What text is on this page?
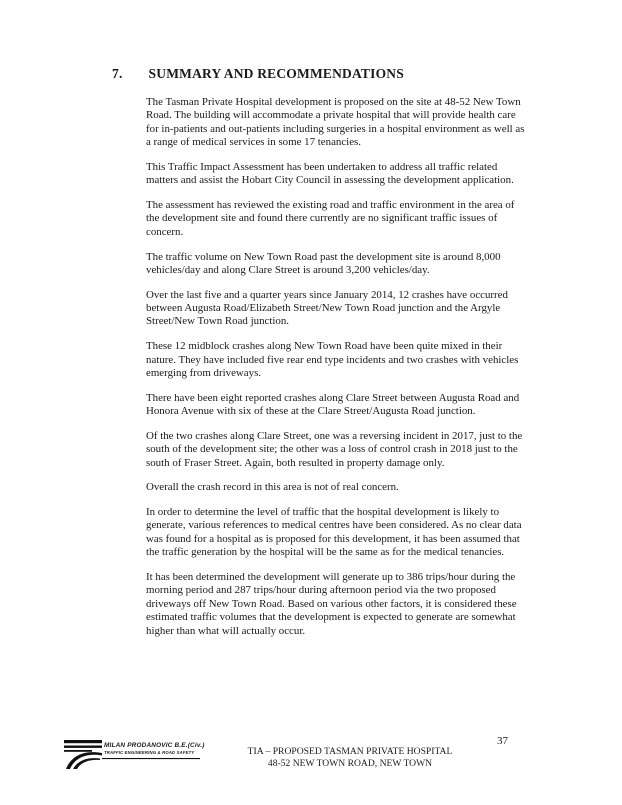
7. SUMMARY AND RECOMMENDATIONS

The Tasman Private Hospital development is proposed on the site at 48-52 New Town Road. The building will accommodate a private hospital that will provide health care for in-patients and out-patients including surgeries in a hospital environment as well as a range of medical services in some 17 tenancies.

This Traffic Impact Assessment has been undertaken to address all traffic related matters and assist the Hobart City Council in assessing the development application.

The assessment has reviewed the existing road and traffic environment in the area of the development site and found there currently are no significant traffic issues of concern.

The traffic volume on New Town Road past the development site is around 8,000 vehicles/day and along Clare Street is around 3,200 vehicles/day.

Over the last five and a quarter years since January 2014, 12 crashes have occurred between Augusta Road/Elizabeth Street/New Town Road junction and the Argyle Street/New Town Road junction.

These 12 midblock crashes along New Town Road have been quite mixed in their nature. They have included five rear end type incidents and two crashes with vehicles emerging from driveways.

There have been eight reported crashes along Clare Street between Augusta Road and Honora Avenue with six of these at the Clare Street/Augusta Road junction.

Of the two crashes along Clare Street, one was a reversing incident in 2017, just to the south of the development site; the other was a loss of control crash in 2018 just to the south of Fraser Street. Again, both resulted in property damage only.

Overall the crash record in this area is not of real concern.

In order to determine the level of traffic that the hospital development is likely to generate, various references to medical centres have been considered. As no clear data was found for a hospital as is proposed for this development, it has been assumed that the traffic generation by the hospital will be the same as for the medical tenancies.

It has been determined the development will generate up to 386 trips/hour during the morning period and 287 trips/hour during afternoon period via the two proposed driveways off New Town Road. Based on various other factors, it is considered these estimated traffic volumes that the development is expected to generate are somewhat higher than what will actually occur.

37
MILAN PRODANOVIC B.E.(Civ.)
TRAFFIC ENGINEERING & ROAD SAFETY	TIA – PROPOSED TASMAN PRIVATE HOSPITAL
48-52 NEW TOWN ROAD, NEW TOWN
